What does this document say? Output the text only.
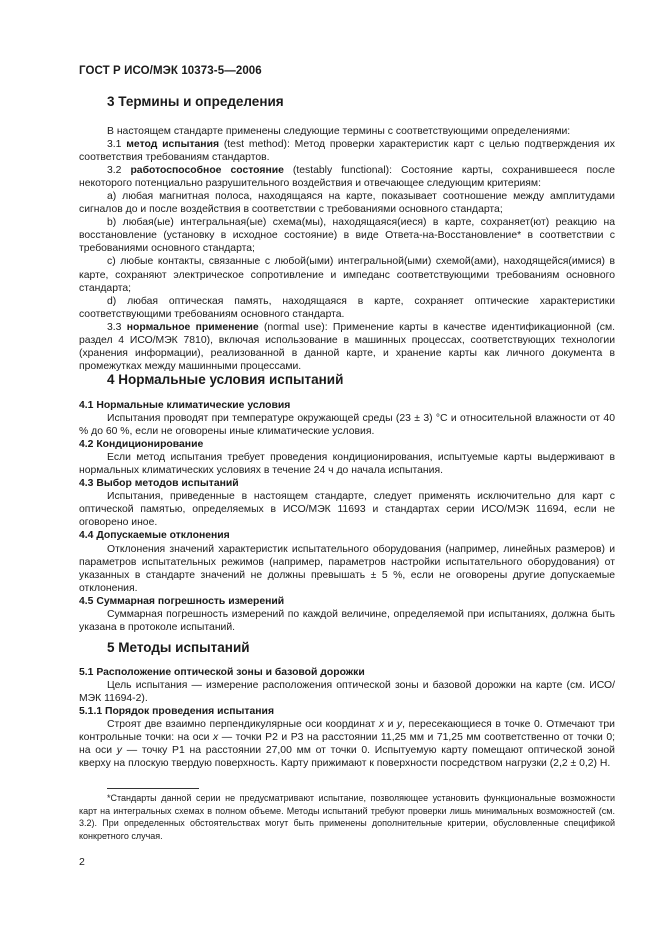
ГОСТ Р ИСО/МЭК 10373-5—2006
3 Термины и определения

В настоящем стандарте применены следующие термины с соответствующими определениями:

3.1 метод испытания (test method): Метод проверки характеристик карт с целью подтверждения их соответствия требованиям стандартов.

3.2 работоспособное состояние (testably functional): Состояние карты, сохранившееся после некоторого потенциально разрушительного воздействия и отвечающее следующим критериям:

a) любая магнитная полоса, находящаяся на карте, показывает соотношение между амплитудами сигналов до и после воздействия в соответствии с требованиями основного стандарта;

b) любая(ые) интегральная(ые) схема(мы), находящаяся(иеся) в карте, сохраняет(ют) реакцию на восстановление (установку в исходное состояние) в виде Ответа-на-Восстановление* в соответствии с требованиями основного стандарта;

c) любые контакты, связанные с любой(ыми) интегральной(ыми) схемой(ами), находящейся(имися) в карте, сохраняют электрическое сопротивление и импеданс соответствующими требованиям основного стандарта;

d) любая оптическая память, находящаяся в карте, сохраняет оптические характеристики соответствующими требованиям основного стандарта.

3.3 нормальное применение (normal use): Применение карты в качестве идентификационной (см. раздел 4 ИСО/МЭК 7810), включая использование в машинных процессах, соответствующих технологии (хранения информации), реализованной в данной карте, и хранение карты как личного документа в промежутках между машинными процессами.

4 Нормальные условия испытаний

4.1 Нормальные климатические условия

Испытания проводят при температуре окружающей среды (23 ± 3) °С и относительной влажности от 40 % до 60 %, если не оговорены иные климатические условия.

4.2 Кондиционирование

Если метод испытания требует проведения кондиционирования, испытуемые карты выдерживают в нормальных климатических условиях в течение 24 ч до начала испытания.

4.3 Выбор методов испытаний

Испытания, приведенные в настоящем стандарте, следует применять исключительно для карт с оптической памятью, определяемых в ИСО/МЭК 11693 и стандартах серии ИСО/МЭК 11694, если не оговорено иное.

4.4 Допускаемые отклонения

Отклонения значений характеристик испытательного оборудования (например, линейных размеров) и параметров испытательных режимов (например, параметров настройки испытательного оборудования) от указанных в стандарте значений не должны превышать ± 5 %, если не оговорены другие допускаемые отклонения.

4.5 Суммарная погрешность измерений

Суммарная погрешность измерений по каждой величине, определяемой при испытаниях, должна быть указана в протоколе испытаний.

5 Методы испытаний

5.1 Расположение оптической зоны и базовой дорожки

Цель испытания — измерение расположения оптической зоны и базовой дорожки на карте (см. ИСО/МЭК 11694-2).

5.1.1 Порядок проведения испытания

Строят две взаимно перпендикулярные оси координат x и y, пересекающиеся в точке 0. Отмечают три контрольные точки: на оси x — точки Р2 и Р3 на расстоянии 11,25 мм и 71,25 мм соответственно от точки 0; на оси y — точку Р1 на расстоянии 27,00 мм от точки 0. Испытуемую карту помещают оптической зоной кверху на плоскую твердую поверхность. Карту прижимают к поверхности посредством нагрузки (2,2 ± 0,2) Н.

*Стандарты данной серии не предусматривают испытание, позволяющее установить функциональные возможности карт на интегральных схемах в полном объеме. Методы испытаний требуют проверки лишь минимальных возможностей (см. 3.2). При определенных обстоятельствах могут быть применены дополнительные критерии, обусловленные спецификой конкретного случая.

2
